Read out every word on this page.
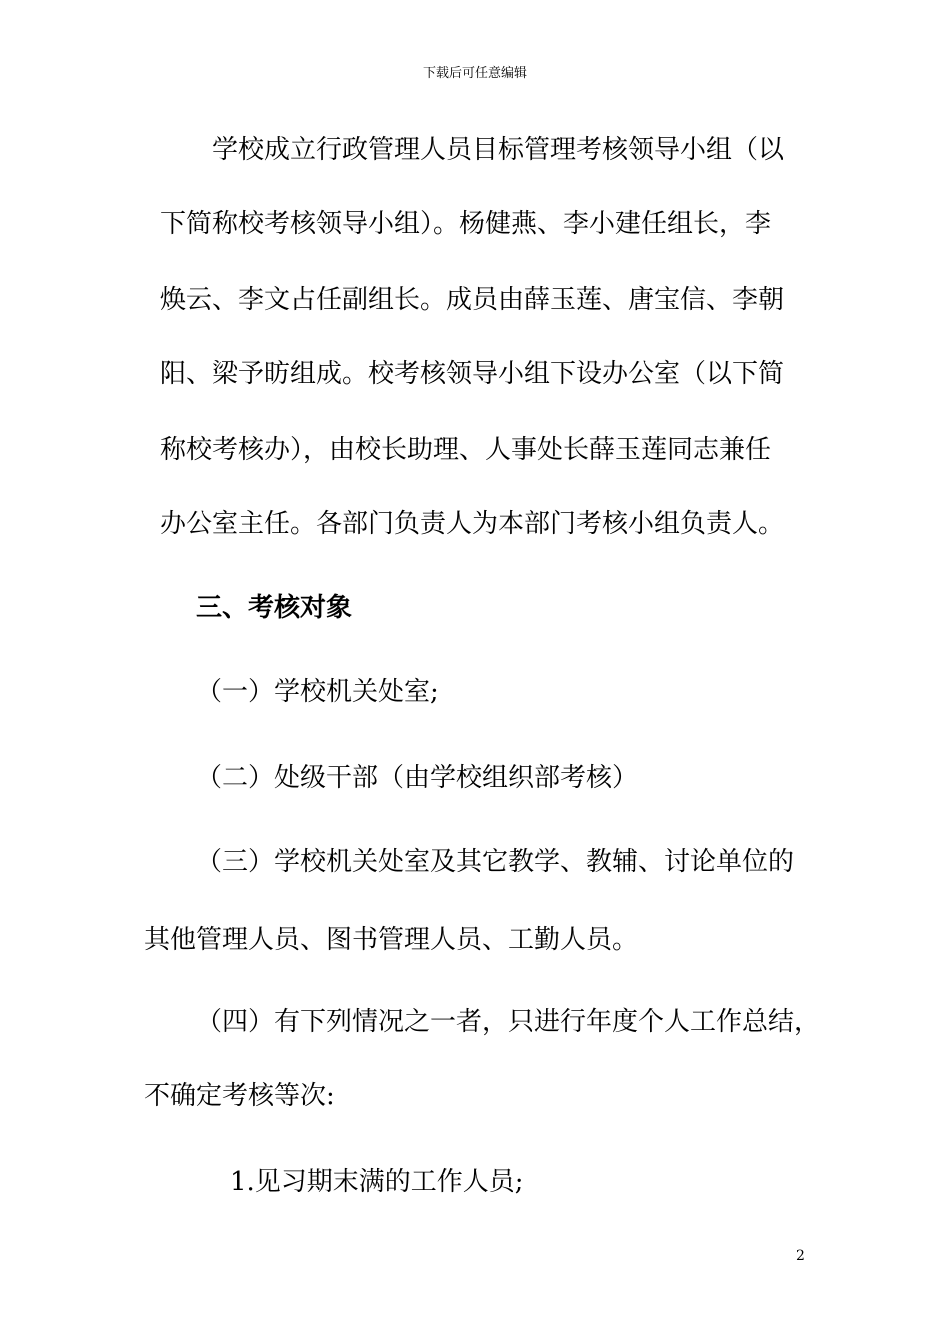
下载后可任意编辑
学校成立行政管理人员目标管理考核领导小组（以
下简称校考核领导小组）。杨健燕、李小建任组长，李
焕云、李文占任副组长。成员由薛玉莲、唐宝信、李朝
阳、梁予昉组成。校考核领导小组下设办公室（以下简
称校考核办），由校长助理、人事处长薛玉莲同志兼任
办公室主任。各部门负责人为本部门考核小组负责人。
三、考核对象
（一）学校机关处室;
（二）处级干部（由学校组织部考核）
（三）学校机关处室及其它教学、教辅、讨论单位的
其他管理人员、图书管理人员、工勤人员。
（四）有下列情况之一者，只进行年度个人工作总结，
不确定考核等次:
1.见习期末满的工作人员;
2
